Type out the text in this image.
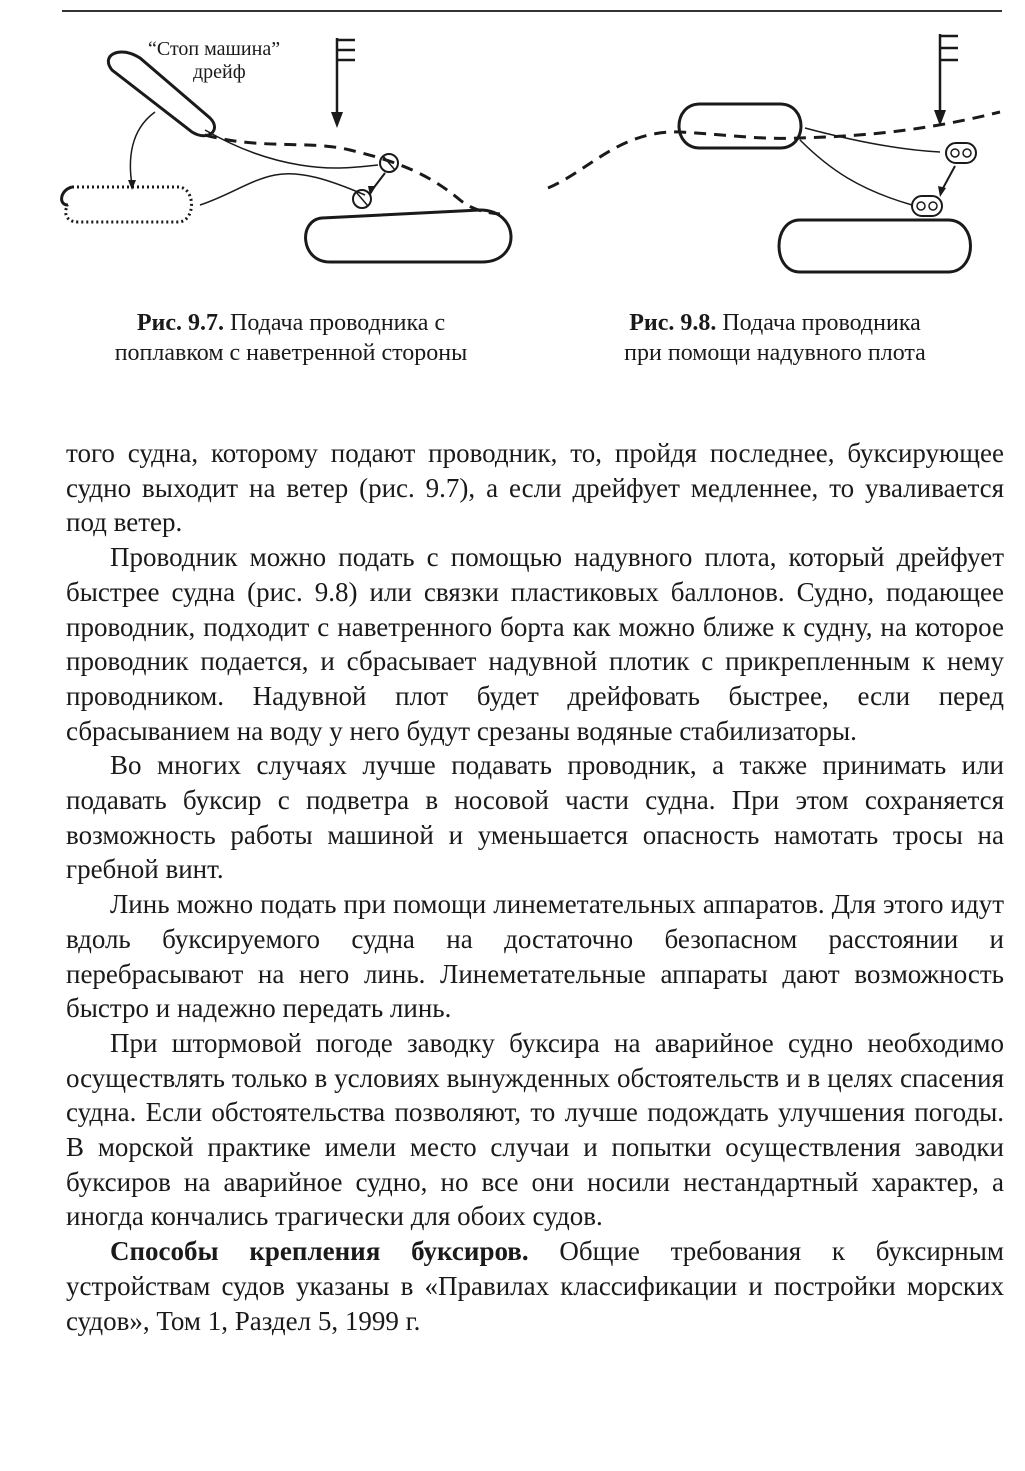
“Стоп машина”
дрейф
Рис. 9.7. Подача проводника с
поплавком с наветренной стороны
Рис. 9.8. Подача проводника
при помощи надувного плота

того судна, которому подают проводник, то, пройдя последнее, буксирующее судно выходит на ветер (рис. 9.7), а если дрейфует медленнее, то уваливается под ветер.

Проводник можно подать с помощью надувного плота, который дрейфует быстрее судна (рис. 9.8) или связки пластиковых баллонов. Судно, подающее проводник, подходит с наветренного борта как можно ближе к судну, на которое проводник подается, и сбрасывает надувной плотик с прикрепленным к нему проводником. Надувной плот будет дрейфовать быстрее, если перед сбрасыванием на воду у него будут срезаны водяные стабилизаторы.

Во многих случаях лучше подавать проводник, а также принимать или подавать буксир с подветра в носовой части судна. При этом сохраняется возможность работы машиной и уменьшается опасность намотать тросы на гребной винт.

Линь можно подать при помощи линеметательных аппаратов. Для этого идут вдоль буксируемого судна на достаточно безопасном расстоянии и перебрасывают на него линь. Линеметательные аппараты дают возможность быстро и надежно передать линь.

При штормовой погоде заводку буксира на аварийное судно необходимо осуществлять только в условиях вынужденных обстоятельств и в целях спасения судна. Если обстоятельства позволяют, то лучше подождать улучшения погоды. В морской практике имели место случаи и попытки осуществления заводки буксиров на аварийное судно, но все они носили нестандартный характер, а иногда кончались трагически для обоих судов.

Способы крепления буксиров. Общие требования к буксирным устройствам судов указаны в «Правилах классификации и постройки морских судов», Том 1, Раздел 5, 1999 г.
